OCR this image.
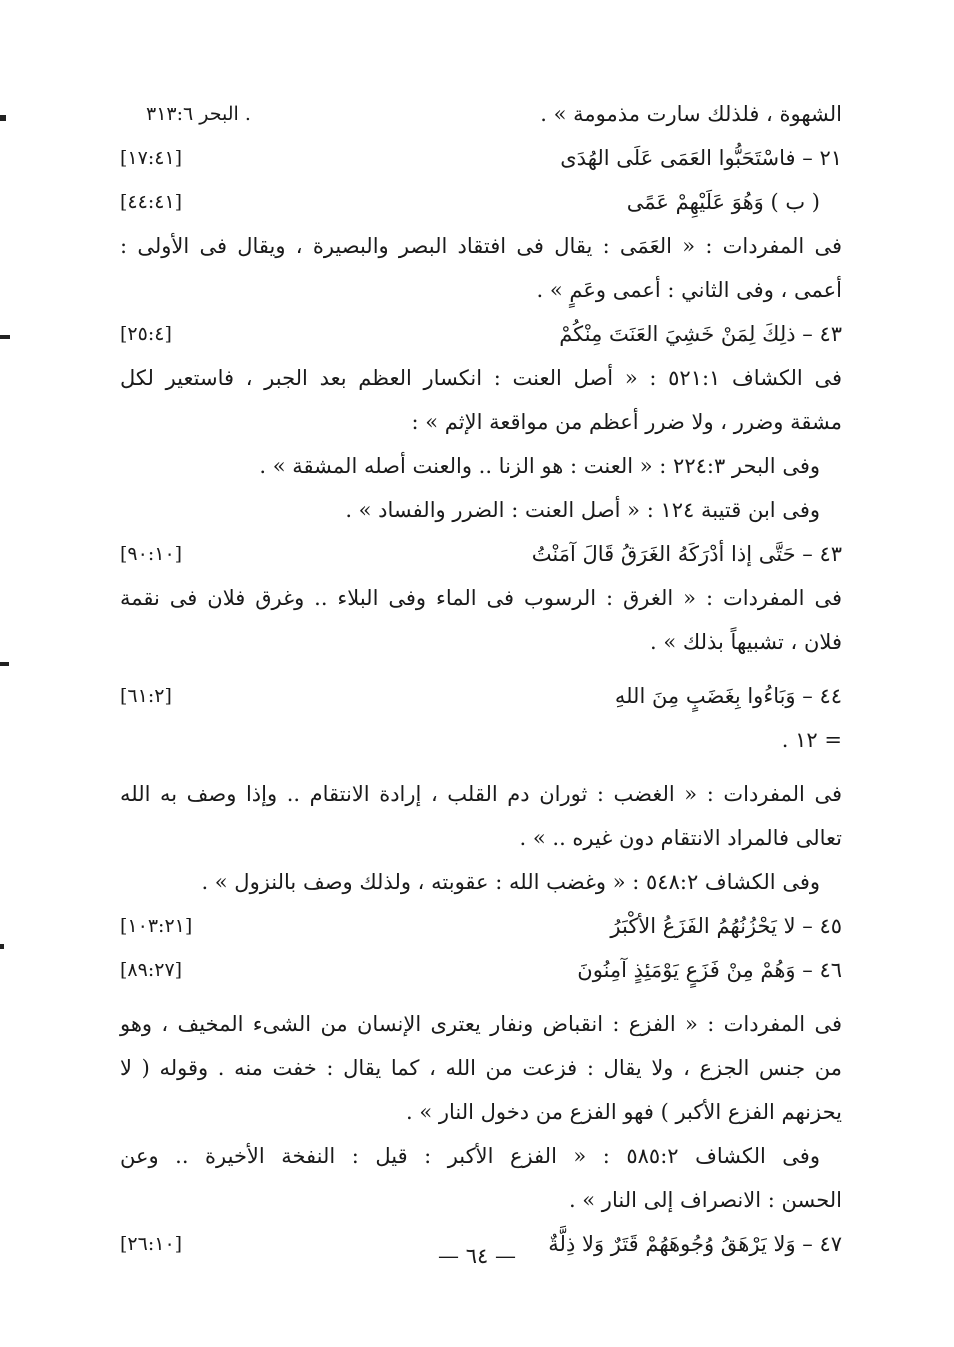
الشهوة ، فلذلك سارت مذمومة » .
البحر ٣١٣:٦ .
٢١ – فاسْتَحَبُّوا العَمَى عَلَى الهُدَى
[١٧:٤١]
( ب ) وَهُوَ عَلَيْهِمْ عَمًى
[٤٤:٤١]
فى المفردات : « العَمَى : يقال فى افتقاد البصر والبصيرة ، ويقال فى الأولى :
أعمى ، وفى الثاني : أعمى وعَمٍ » .
٤٣ – ذلِكَ لِمَنْ خَشِيَ العَنَتَ مِنْكُمْ
[٢٥:٤]
فى الكشاف ٥٢١:١ : « أصل العنت : انكسار العظم بعد الجبر ، فاستعير لكل
مشقة وضرر ، ولا ضرر أعظم من مواقعة الإثم » :
وفى البحر ٢٢٤:٣ : « العنت : هو الزنا .. والعنت أصله المشقة » .
وفى ابن قتيبة ١٢٤ : « أصل العنت : الضرر والفساد » .
٤٣ – حَتَّى إذا أدْرَكَهُ الغَرَقُ قَالَ آمَنْتُ
[٩٠:١٠]
فى المفردات : « الغرق : الرسوب فى الماء وفى البلاء .. وغرق فلان فى نقمة
فلان ، تشبيهاً بذلك » .
٤٤ – وَبَاءُوا بِغَضَبٍ مِنَ اللهِ
[٦١:٢]
= ١٢ .
فى المفردات : « الغضب : ثوران دم القلب ، إرادة الانتقام .. وإذا وصف به الله
تعالى فالمراد الانتقام دون غيره .. » .
وفى الكشاف ٥٤٨:٢ : « وغضب الله : عقوبته ، ولذلك وصف بالنزول » .
٤٥ – لا يَحْزُنُهُمُ الفَزَعُ الأكْبَرُ
[١٠٣:٢١]
٤٦ – وَهُمْ مِنْ فَزَعٍ يَوْمَئِذٍ آمِنُونَ
[٨٩:٢٧]
فى المفردات : « الفزع : انقباض ونفار يعترى الإنسان من الشىء المخيف ، وهو
من جنس الجزع ، ولا يقال : فزعت من الله ، كما يقال : خفت منه . وقوله ( لا
يحزنهم الفزع الأكبر ) فهو الفزع من دخول النار » .
وفى الكشاف ٥٨٥:٢ : « الفزع الأكبر : قيل : النفخة الأخيرة .. وعن
الحسن : الانصراف إلى النار » .
٤٧ – وَلا يَرْهَقُ وُجُوهَهُمْ قَتَرٌ وَلا ذِلَّةٌ
[٢٦:١٠]	— ٦٤ —
